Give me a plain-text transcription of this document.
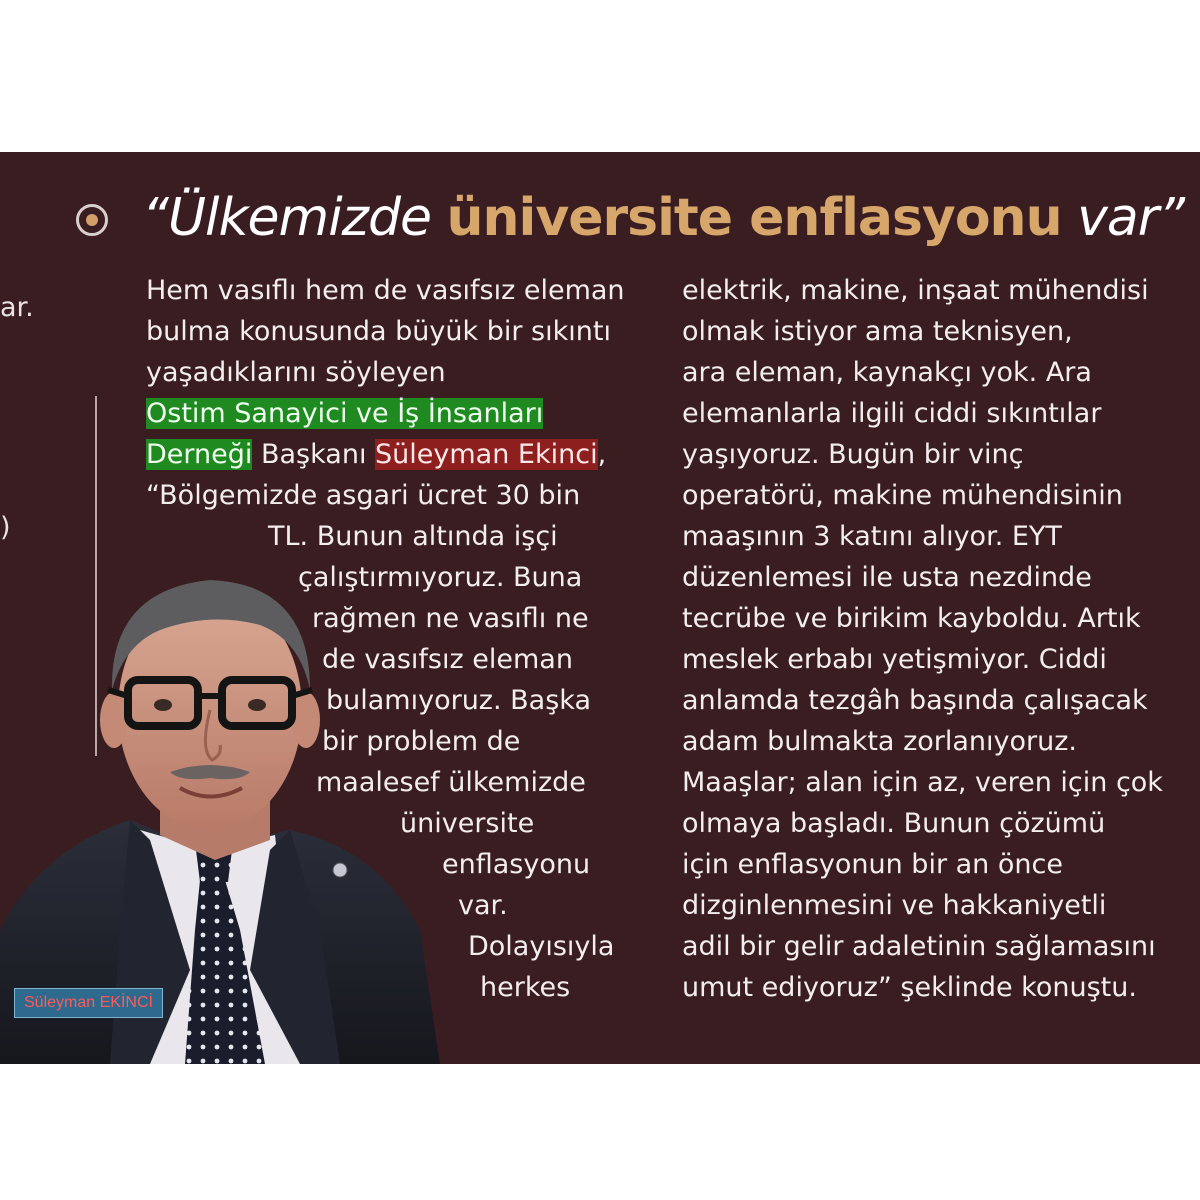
ar.
)
“Ülkemizde üniversite enflasyonu var”
Süleyman EKİNCİ
Hem vasıflı hem de vasıfsız eleman
bulma konusunda büyük bir sıkıntı
yaşadıklarını söyleyen
Ostim Sanayici ve İş İnsanları
Derneği Başkanı Süleyman Ekinci,
“Bölgemizde asgari ücret 30 bin
TL. Bunun altında işçi
çalıştırmıyoruz. Buna
rağmen ne vasıflı ne
de vasıfsız eleman
bulamıyoruz. Başka
bir problem de
maalesef ülkemizde
üniversite
enflasyonu
var.
Dolayısıyla
herkes
elektrik, makine, inşaat mühendisi
olmak istiyor ama teknisyen,
ara eleman, kaynakçı yok. Ara
elemanlarla ilgili ciddi sıkıntılar
yaşıyoruz. Bugün bir vinç
operatörü, makine mühendisinin
maaşının 3 katını alıyor. EYT
düzenlemesi ile usta nezdinde
tecrübe ve birikim kayboldu. Artık
meslek erbabı yetişmiyor. Ciddi
anlamda tezgâh başında çalışacak
adam bulmakta zorlanıyoruz.
Maaşlar; alan için az, veren için çok
olmaya başladı. Bunun çözümü
için enflasyonun bir an önce
dizginlenmesini ve hakkaniyetli
adil bir gelir adaletinin sağlamasını
umut ediyoruz” şeklinde konuştu.
